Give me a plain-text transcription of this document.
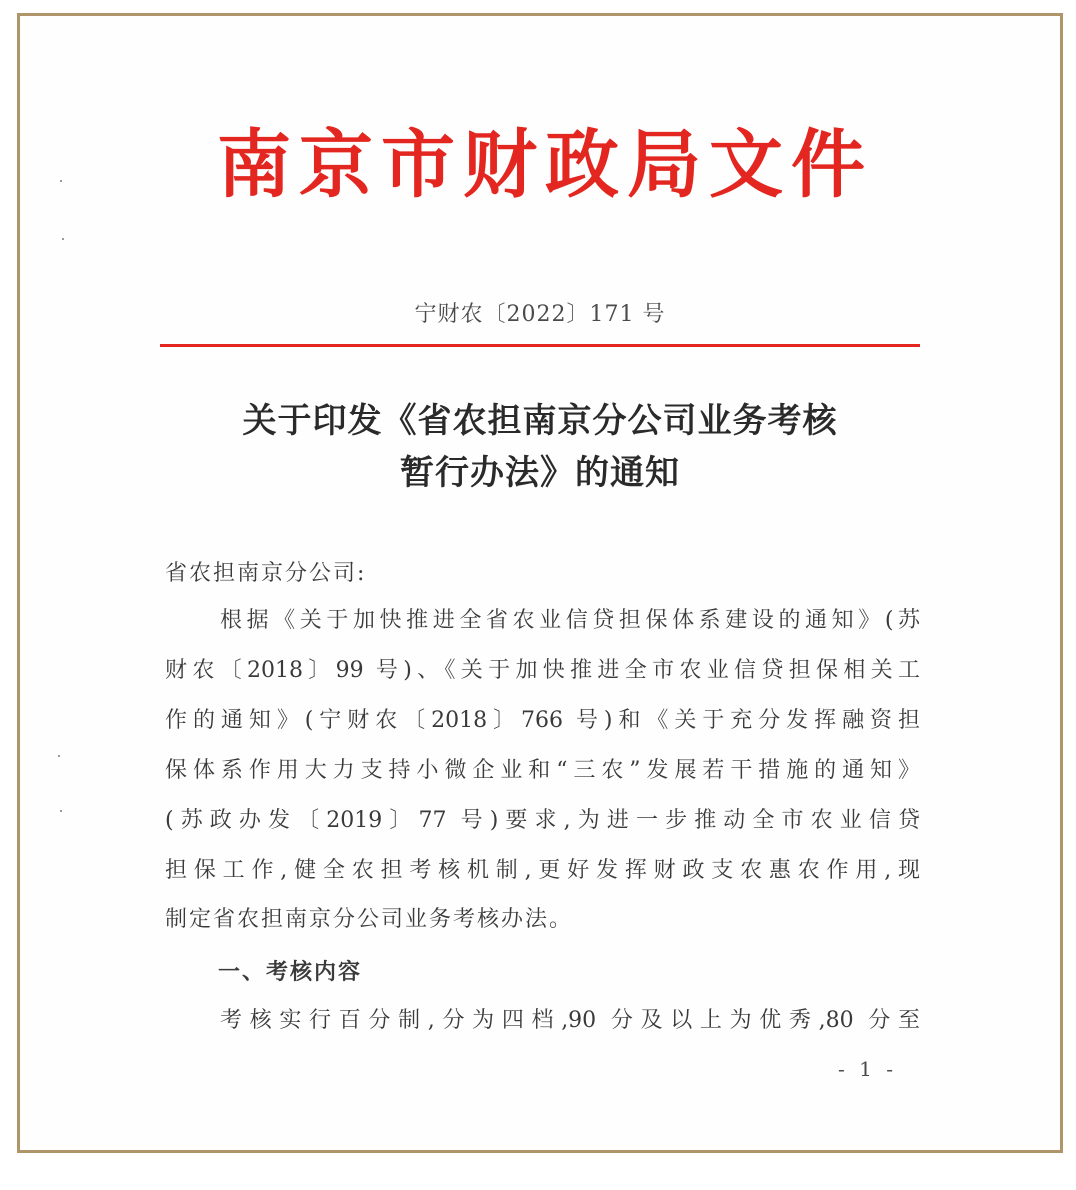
南京市财政局文件
宁财农〔2022〕171 号
关于印发《省农担南京分公司业务考核
暂行办法》的通知
省农担南京分公司:
根据《关于加快推进全省农业信贷担保体系建设的通知》(苏
财农〔2018〕99 号)、《关于加快推进全市农业信贷担保相关工
作的通知》(宁财农〔2018〕766 号)和《关于充分发挥融资担
保体系作用大力支持小微企业和“三农”发展若干措施的通知》
(苏政办发〔2019〕77 号)要求,为进一步推动全市农业信贷
担保工作,健全农担考核机制,更好发挥财政支农惠农作用,现
制定省农担南京分公司业务考核办法。
一、考核内容
考核实行百分制,分为四档,90 分及以上为优秀,80 分至
- 1 -
